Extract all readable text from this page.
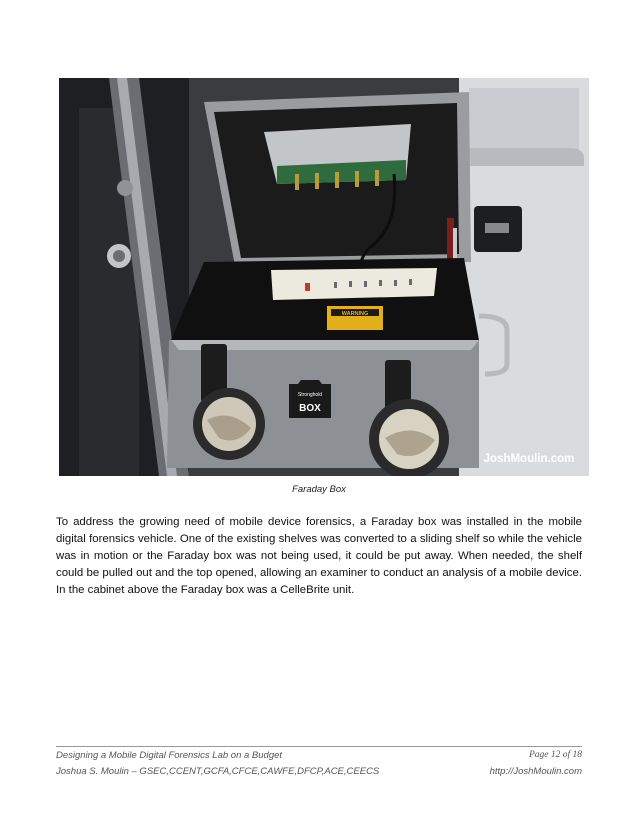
WARNING
Stronghold
BOX
JoshMoulin.com
Faraday Box
To address the growing need of mobile device forensics, a Faraday box was installed in the mobile digital forensics vehicle. One of the existing shelves was converted to a sliding shelf so while the vehicle was in motion or the Faraday box was not being used, it could be put away. When needed, the shelf could be pulled out and the top opened, allowing an examiner to conduct an analysis of a mobile device. In the cabinet above the Faraday box was a CelleBrite unit.
Designing a Mobile Digital Forensics Lab on a Budget	Page 12 of 18
Joshua S. Moulin – GSEC,CCENT,GCFA,CFCE,CAWFE,DFCP,ACE,CEECS	http://JoshMoulin.com
